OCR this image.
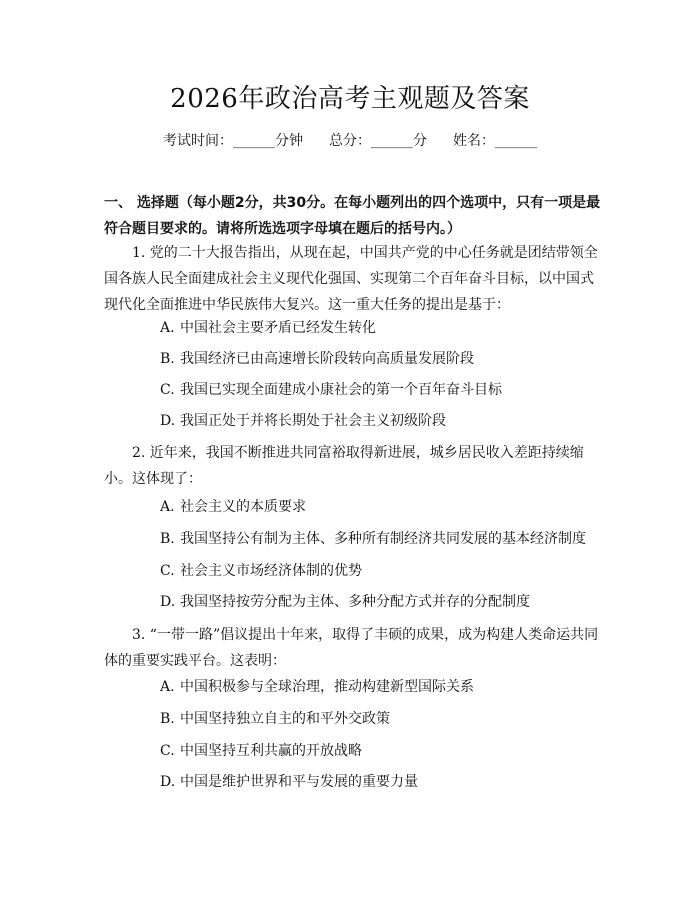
2026年政治高考主观题及答案
考试时间：______分钟 总分：______分 姓名：______
一、 选择题（每小题2分，共30分。在每小题列出的四个选项中，只有一项是最符合题目要求的。请将所选选项字母填在题后的括号内。）
1. 党的二十大报告指出，从现在起，中国共产党的中心任务就是团结带领全国各族人民全面建成社会主义现代化强国、实现第二个百年奋斗目标，以中国式现代化全面推进中华民族伟大复兴。这一重大任务的提出是基于：
A. 中国社会主要矛盾已经发生转化
B. 我国经济已由高速增长阶段转向高质量发展阶段
C. 我国已实现全面建成小康社会的第一个百年奋斗目标
D. 我国正处于并将长期处于社会主义初级阶段
2. 近年来，我国不断推进共同富裕取得新进展，城乡居民收入差距持续缩小。这体现了：
A. 社会主义的本质要求
B. 我国坚持公有制为主体、多种所有制经济共同发展的基本经济制度
C. 社会主义市场经济体制的优势
D. 我国坚持按劳分配为主体、多种分配方式并存的分配制度
3. “一带一路”倡议提出十年来，取得了丰硕的成果，成为构建人类命运共同体的重要实践平台。这表明：
A. 中国积极参与全球治理，推动构建新型国际关系
B. 中国坚持独立自主的和平外交政策
C. 中国坚持互利共赢的开放战略
D. 中国是维护世界和平与发展的重要力量
